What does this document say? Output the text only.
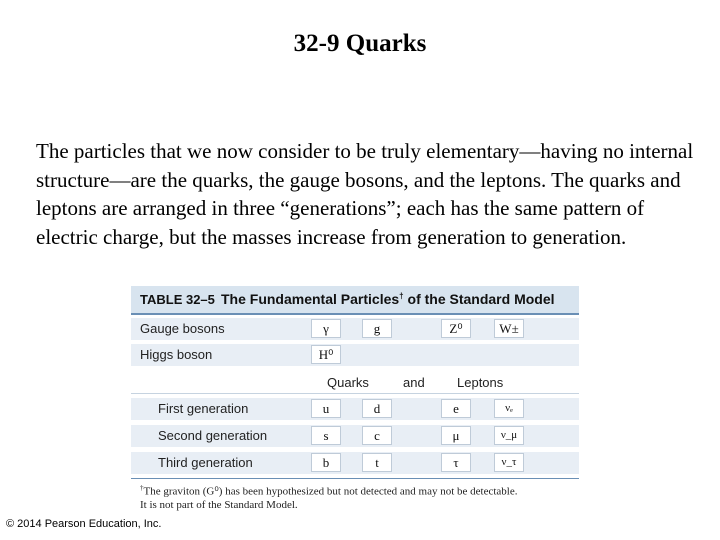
32-9 Quarks
The particles that we now consider to be truly elementary—having no internal structure—are the quarks, the gauge bosons, and the leptons. The quarks and leptons are arranged in three “generations”; each has the same pattern of electric charge, but the masses increase from generation to generation.
TABLE 32–5 The Fundamental Particles† of the Standard Model
Gauge bosons	γ	g	Z⁰	W±
Higgs boson	H⁰
Quarks	and Leptons
First generation	u	d	e	νₑ
Second generation	s	c	μ	ν_μ
Third generation	b	t	τ	ν_τ
†The graviton (G⁰) has been hypothesized but not detected and may not be detectable.
It is not part of the Standard Model.
© 2014 Pearson Education, Inc.
